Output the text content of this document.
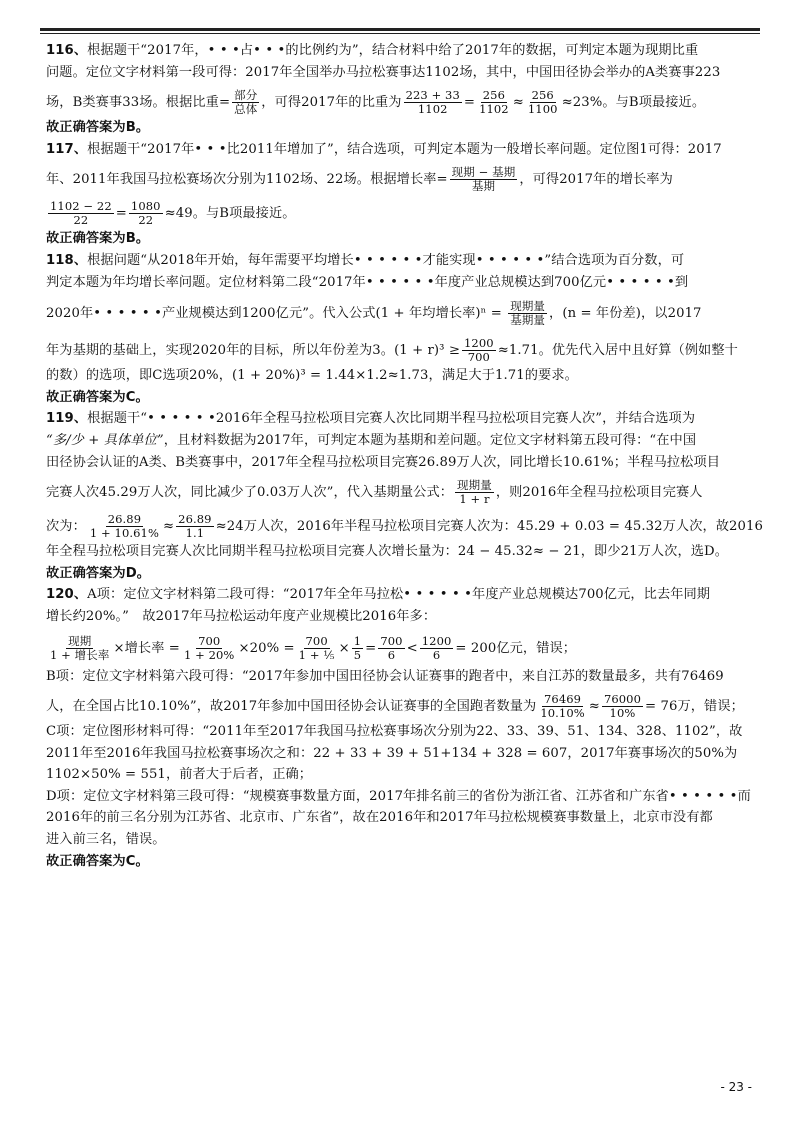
116、根据题干“2017年，• • •占• • •的比例约为”，结合材料中给了2017年的数据，可判定本题为现期比重
问题。定位文字材料第一段可得：2017年全国举办马拉松赛事达1102场，其中，中国田径协会举办的A类赛事223
场，B类赛事33场。根据比重= $\frac{\text{部分}}{\text{总体}}$ ，可得2017年的比重为 $\frac{223 + 33}{1102} = \frac{256}{1102} \approx \frac{256}{1100} \approx 23\%$。与B项最接近。
故正确答案为B。
117、根据题干“2017年• • •比2011年增加了”，结合选项，可判定本题为一般增长率问题。定位图1可得：2017
年、2011年我国马拉松赛场次分别为1102场、22场。根据增长率= $\frac{\text{现期 − 基期}}{\text{基期}}$ ，可得2017年的增长率为
$\frac{1102 - 22}{22} = \frac{1080}{22} \approx 49$。与B项最接近。
故正确答案为B。
118、根据问题“从2018年开始，每年需要平均增长• • • • • •才能实现• • • • • •”结合选项为百分数，可
判定本题为年均增长率问题。定位材料第二段“2017年• • • • • •年度产业总规模达到700亿元• • • • • •到
2020年• • • • • •产业规模达到1200亿元”。代入公式(1 + 年均增长率)$^n = \frac{\text{现期量}}{\text{基期量}}$ ，(n = 年份差)，以2017
年为基期的基础上，实现2020年的目标，所以年份差为3。$(1 + r)^3 \ge \frac{1200}{700} \approx 1.71$。优先代入居中且好算（例如整十
的数）的选项，即C选项20%，(1 + 20%)³ = 1.44×1.2≈1.73，满足大于1.71的要求。
故正确答案为C。
119、根据题干“• • • • • •2016年全程马拉松项目完赛人次比同期半程马拉松项目完赛人次”，并结合选项为
“多/少 + 具体单位”，且材料数据为2017年，可判定本题为基期和差问题。定位文字材料第五段可得：“在中国
田径协会认证的A类、B类赛事中，2017年全程马拉松项目完赛26.89万人次，同比增长10.61%；半程马拉松项目
完赛人次45.29万人次，同比减少了0.03万人次”，代入基期量公式： $\frac{\text{现期量}}{1 + r}$ ，则2016年全程马拉松项目完赛人
次为： $\frac{26.89}{1 + 10.61\%} \approx \frac{26.89}{1.1} \approx 24$万人次，2016年半程马拉松项目完赛人次为：45.29 + 0.03 = 45.32万人次，故2016
年全程马拉松项目完赛人次比同期半程马拉松项目完赛人次增长量为：24 − 45.32≈ − 21，即少21万人次，选D。
故正确答案为D。
120、A项：定位文字材料第二段可得：“2017年全年马拉松• • • • • •年度产业总规模达700亿元，比去年同期
增长约20%。”　故2017年马拉松运动年度产业规模比2016年多：
$\frac{\text{现期}}{\text{1 + 增长率}}$ ×增长率 = $\frac{700}{1 + 20\%} \times 20\% = \frac{700}{\text{1 + ⅕}} \times \frac{1}{5} = \frac{700}{6} < \frac{1200}{6} = 200$亿元，错误；
B项：定位文字材料第六段可得：“2017年参加中国田径协会认证赛事的跑者中，来自江苏的数量最多，共有76469
人，在全国占比10.10%”，故2017年参加中国田径协会认证赛事的全国跑者数量为 $\frac{76469}{10.10\%} \approx \frac{76000}{10\%} = 76$万，错误；
C项：定位图形材料可得：“2011年至2017年我国马拉松赛事场次分别为22、33、39、51、134、328、1102”，故
2011年至2016年我国马拉松赛事场次之和：22 + 33 + 39 + 51+134 + 328 = 607，2017年赛事场次的50%为
1102×50% = 551，前者大于后者，正确；
D项：定位文字材料第三段可得：“规模赛事数量方面，2017年排名前三的省份为浙江省、江苏省和广东省• • • • • •而
2016年的前三名分别为江苏省、北京市、广东省”，故在2016年和2017年马拉松规模赛事数量上，北京市没有都
进入前三名，错误。
故正确答案为C。
- 23 -
